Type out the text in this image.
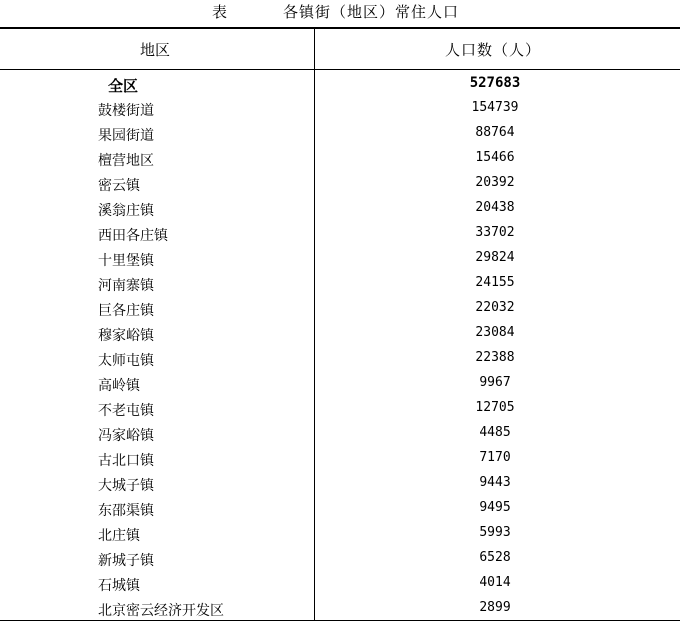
表	各镇街（地区）常住人口
地区	人口数（人）
全区	527683
鼓楼街道	154739
果园街道	88764
檀营地区	15466
密云镇	20392
溪翁庄镇	20438
西田各庄镇	33702
十里堡镇	29824
河南寨镇	24155
巨各庄镇	22032
穆家峪镇	23084
太师屯镇	22388
高岭镇	9967
不老屯镇	12705
冯家峪镇	4485
古北口镇	7170
大城子镇	9443
东邵渠镇	9495
北庄镇	5993
新城子镇	6528
石城镇	4014
北京密云经济开发区	2899
